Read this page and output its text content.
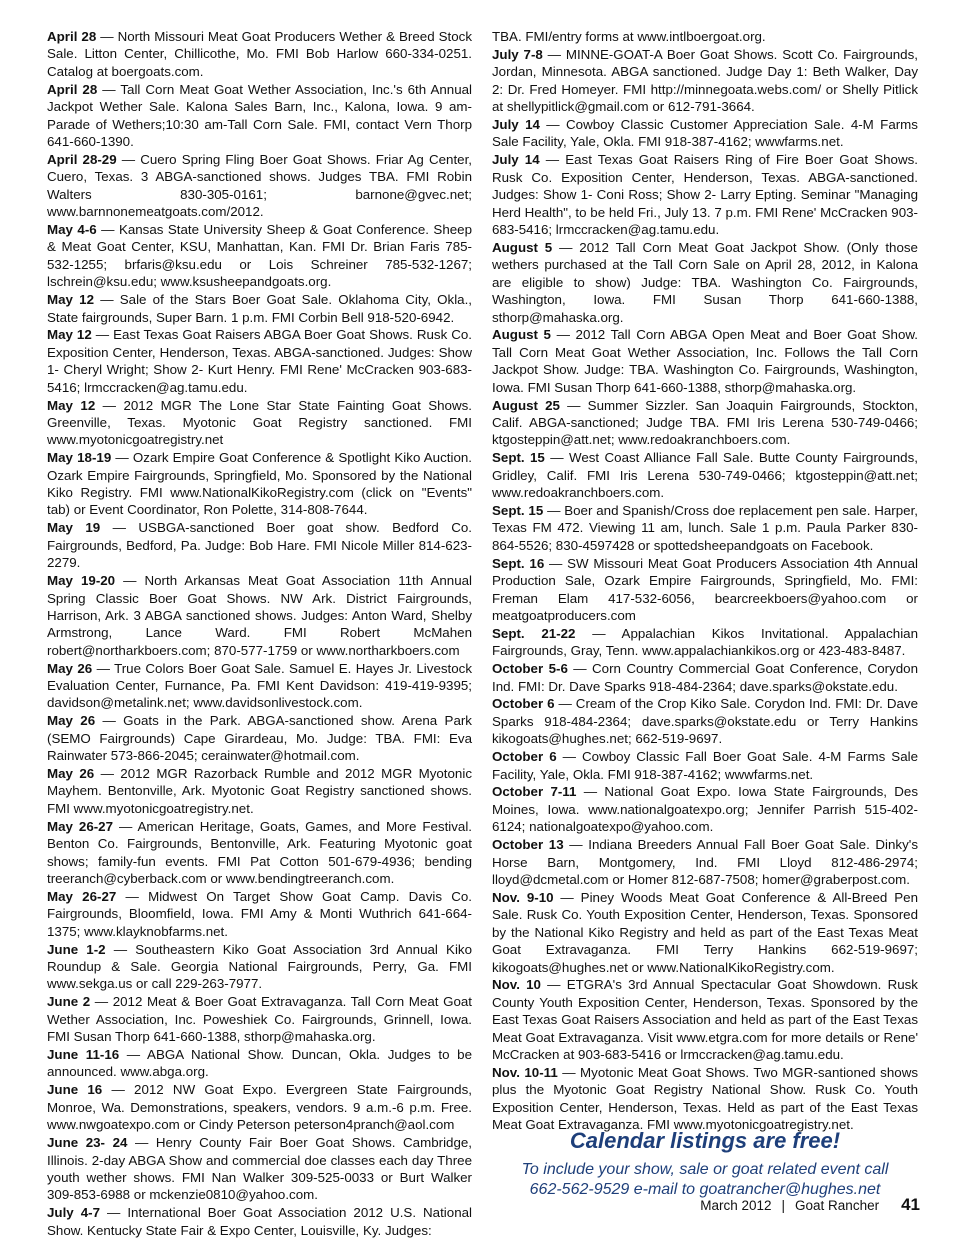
April 28 — North Missouri Meat Goat Producers Wether & Breed Stock Sale. Litton Center, Chillicothe, Mo. FMI Bob Harlow 660-334-0251. Catalog at boergoats.com.
April 28 — Tall Corn Meat Goat Wether Association, Inc.'s 6th Annual Jackpot Wether Sale. Kalona Sales Barn, Inc., Kalona, Iowa. 9 am-Parade of Wethers;10:30 am-Tall Corn Sale. FMI, contact Vern Thorp 641-660-1390.
April 28-29 — Cuero Spring Fling Boer Goat Shows. Friar Ag Center, Cuero, Texas. 3 ABGA-sanctioned shows. Judges TBA. FMI Robin Walters 830-305-0161; barnone@gvec.net; www.barnnonemeatgoats.com/2012.
May 4-6 — Kansas State University Sheep & Goat Conference. Sheep & Meat Goat Center, KSU, Manhattan, Kan. FMI Dr. Brian Faris 785-532-1255; brfaris@ksu.edu or Lois Schreiner 785-532-1267; lschrein@ksu.edu; www.ksusheepandgoats.org.
May 12 — Sale of the Stars Boer Goat Sale. Oklahoma City, Okla., State fairgrounds, Super Barn. 1 p.m. FMI Corbin Bell 918-520-6942.
May 12 — East Texas Goat Raisers ABGA Boer Goat Shows. Rusk Co. Exposition Center, Henderson, Texas. ABGA-sanctioned. Judges: Show 1- Cheryl Wright; Show 2- Kurt Henry. FMI Rene' McCracken 903-683-5416; lrmccracken@ag.tamu.edu.
May 12 — 2012 MGR The Lone Star State Fainting Goat Shows. Greenville, Texas. Myotonic Goat Registry sanctioned. FMI www.myotonicgoatregistry.net
May 18-19 — Ozark Empire Goat Conference & Spotlight Kiko Auction. Ozark Empire Fairgrounds, Springfield, Mo. Sponsored by the National Kiko Registry. FMI www.NationalKikoRegistry.com (click on "Events" tab) or Event Coordinator, Ron Polette, 314-808-7644.
May 19 — USBGA-sanctioned Boer goat show. Bedford Co. Fairgrounds, Bedford, Pa. Judge: Bob Hare. FMI Nicole Miller 814-623-2279.
May 19-20 — North Arkansas Meat Goat Association 11th Annual Spring Classic Boer Goat Shows. NW Ark. District Fairgrounds, Harrison, Ark. 3 ABGA sanctioned shows. Judges: Anton Ward, Shelby Armstrong, Lance Ward. FMI Robert McMahen robert@northarkboers.com; 870-577-1759 or www.northarkboers.com
May 26 — True Colors Boer Goat Sale. Samuel E. Hayes Jr. Livestock Evaluation Center, Furnance, Pa. FMI Kent Davidson: 419-419-9395; davidson@metalink.net; www.davidsonlivestock.com.
May 26 — Goats in the Park. ABGA-sanctioned show. Arena Park (SEMO Fairgrounds) Cape Girardeau, Mo. Judge: TBA. FMI: Eva Rainwater 573-866-2045; cerainwater@hotmail.com.
May 26 — 2012 MGR Razorback Rumble and 2012 MGR Myotonic Mayhem. Bentonville, Ark. Myotonic Goat Registry sanctioned shows. FMI www.myotonicgoatregistry.net.
May 26-27 — American Heritage, Goats, Games, and More Festival. Benton Co. Fairgrounds, Bentonville, Ark. Featuring Myotonic goat shows; family-fun events. FMI Pat Cotton 501-679-4936; bending treeranch@cyberback.com or www.bendingtreeranch.com.
May 26-27 — Midwest On Target Show Goat Camp. Davis Co. Fairgrounds, Bloomfield, Iowa. FMI Amy & Monti Wuthrich 641-664-1375; www.klayknobfarms.net.
June 1-2 — Southeastern Kiko Goat Association 3rd Annual Kiko Roundup & Sale. Georgia National Fairgrounds, Perry, Ga. FMI www.sekga.us or call 229-263-7977.
June 2 — 2012 Meat & Boer Goat Extravaganza. Tall Corn Meat Goat Wether Association, Inc. Poweshiek Co. Fairgrounds, Grinnell, Iowa. FMI Susan Thorp 641-660-1388, sthorp@mahaska.org.
June 11-16 — ABGA National Show. Duncan, Okla. Judges to be announced. www.abga.org.
June 16 — 2012 NW Goat Expo. Evergreen State Fairgrounds, Monroe, Wa. Demonstrations, speakers, vendors. 9 a.m.-6 p.m. Free. www.nwgoatexpo.com or Cindy Peterson peterson4pranch@aol.com
June 23- 24 — Henry County Fair Boer Goat Shows. Cambridge, Illinois. 2-day ABGA Show and commercial doe classes each day Three youth wether shows. FMI Nan Walker 309-525-0033 or Burt Walker 309-853-6988 or mckenzie0810@yahoo.com.
July 4-7 — International Boer Goat Association 2012 U.S. National Show. Kentucky State Fair & Expo Center, Louisville, Ky. Judges:
TBA. FMI/entry forms at www.intlboergoat.org.
July 7-8 — MINNE-GOAT-A Boer Goat Shows. Scott Co. Fairgrounds, Jordan, Minnesota. ABGA sanctioned. Judge Day 1: Beth Walker, Day 2: Dr. Fred Homeyer. FMI http://minnegoata.webs.com/ or Shelly Pitlick at shellypitlick@gmail.com or 612-791-3664.
July 14 — Cowboy Classic Customer Appreciation Sale. 4-M Farms Sale Facility, Yale, Okla. FMI 918-387-4162; wwwfarms.net.
July 14 — East Texas Goat Raisers Ring of Fire Boer Goat Shows. Rusk Co. Exposition Center, Henderson, Texas. ABGA-sanctioned. Judges: Show 1- Coni Ross; Show 2- Larry Epting. Seminar "Managing Herd Health", to be held Fri., July 13. 7 p.m. FMI Rene' McCracken 903-683-5416; lrmccracken@ag.tamu.edu.
August 5 — 2012 Tall Corn Meat Goat Jackpot Show. (Only those wethers purchased at the Tall Corn Sale on April 28, 2012, in Kalona are eligible to show) Judge: TBA. Washington Co. Fairgrounds, Washington, Iowa. FMI Susan Thorp 641-660-1388, sthorp@mahaska.org.
August 5 — 2012 Tall Corn ABGA Open Meat and Boer Goat Show. Tall Corn Meat Goat Wether Association, Inc. Follows the Tall Corn Jackpot Show. Judge: TBA. Washington Co. Fairgrounds, Washington, Iowa. FMI Susan Thorp 641-660-1388, sthorp@mahaska.org.
August 25 — Summer Sizzler. San Joaquin Fairgrounds, Stockton, Calif. ABGA-sanctioned; Judge TBA. FMI Iris Lerena 530-749-0466; ktgosteppin@att.net; www.redoakranchboers.com.
Sept. 15 — West Coast Alliance Fall Sale. Butte County Fairgrounds, Gridley, Calif. FMI Iris Lerena 530-749-0466; ktgosteppin@att.net; www.redoakranchboers.com.
Sept. 15 — Boer and Spanish/Cross doe replacement pen sale. Harper, Texas FM 472. Viewing 11 am, lunch. Sale 1 p.m. Paula Parker 830-864-5526; 830-4597428 or spottedsheepandgoats on Facebook.
Sept. 16 — SW Missouri Meat Goat Producers Association 4th Annual Production Sale, Ozark Empire Fairgrounds, Springfield, Mo. FMI: Freman Elam 417-532-6056, bearcreekboers@yahoo.com or meatgoatproducers.com
Sept. 21-22 — Appalachian Kikos Invitational. Appalachian Fairgrounds, Gray, Tenn. www.appalachiankikos.org or 423-483-8487.
October 5-6 — Corn Country Commercial Goat Conference, Corydon Ind. FMI: Dr. Dave Sparks 918-484-2364; dave.sparks@okstate.edu.
October 6 — Cream of the Crop Kiko Sale. Corydon Ind. FMI: Dr. Dave Sparks 918-484-2364; dave.sparks@okstate.edu or Terry Hankins kikogoats@hughes.net; 662-519-9697.
October 6 — Cowboy Classic Fall Boer Goat Sale. 4-M Farms Sale Facility, Yale, Okla. FMI 918-387-4162; wwwfarms.net.
October 7-11 — National Goat Expo. Iowa State Fairgrounds, Des Moines, Iowa. www.nationalgoatexpo.org; Jennifer Parrish 515-402-6124; nationalgoatexpo@yahoo.com.
October 13 — Indiana Breeders Annual Fall Boer Goat Sale. Dinky's Horse Barn, Montgomery, Ind. FMI Lloyd 812-486-2974; lloyd@dcmetal.com or Homer 812-687-7508; homer@graberpost.com.
Nov. 9-10 — Piney Woods Meat Goat Conference & All-Breed Pen Sale. Rusk Co. Youth Exposition Center, Henderson, Texas. Sponsored by the National Kiko Registry and held as part of the East Texas Meat Goat Extravaganza. FMI Terry Hankins 662-519-9697; kikogoats@hughes.net or www.NationalKikoRegistry.com.
Nov. 10 — ETGRA's 3rd Annual Spectacular Goat Showdown. Rusk County Youth Exposition Center, Henderson, Texas. Sponsored by the East Texas Goat Raisers Association and held as part of the East Texas Meat Goat Extravaganza. Visit www.etgra.com for more details or Rene' McCracken at 903-683-5416 or lrmccracken@ag.tamu.edu.
Nov. 10-11 — Myotonic Meat Goat Shows. Two MGR-santioned shows plus the Myotonic Goat Registry National Show. Rusk Co. Youth Exposition Center, Henderson, Texas. Held as part of the East Texas Meat Goat Extravaganza. FMI www.myotonicgoatregistry.net.
Calendar listings are free!
To include your show, sale or goat related event call
662-562-9529 e-mail to goatrancher@hughes.net
March 2012 | Goat Rancher 41
